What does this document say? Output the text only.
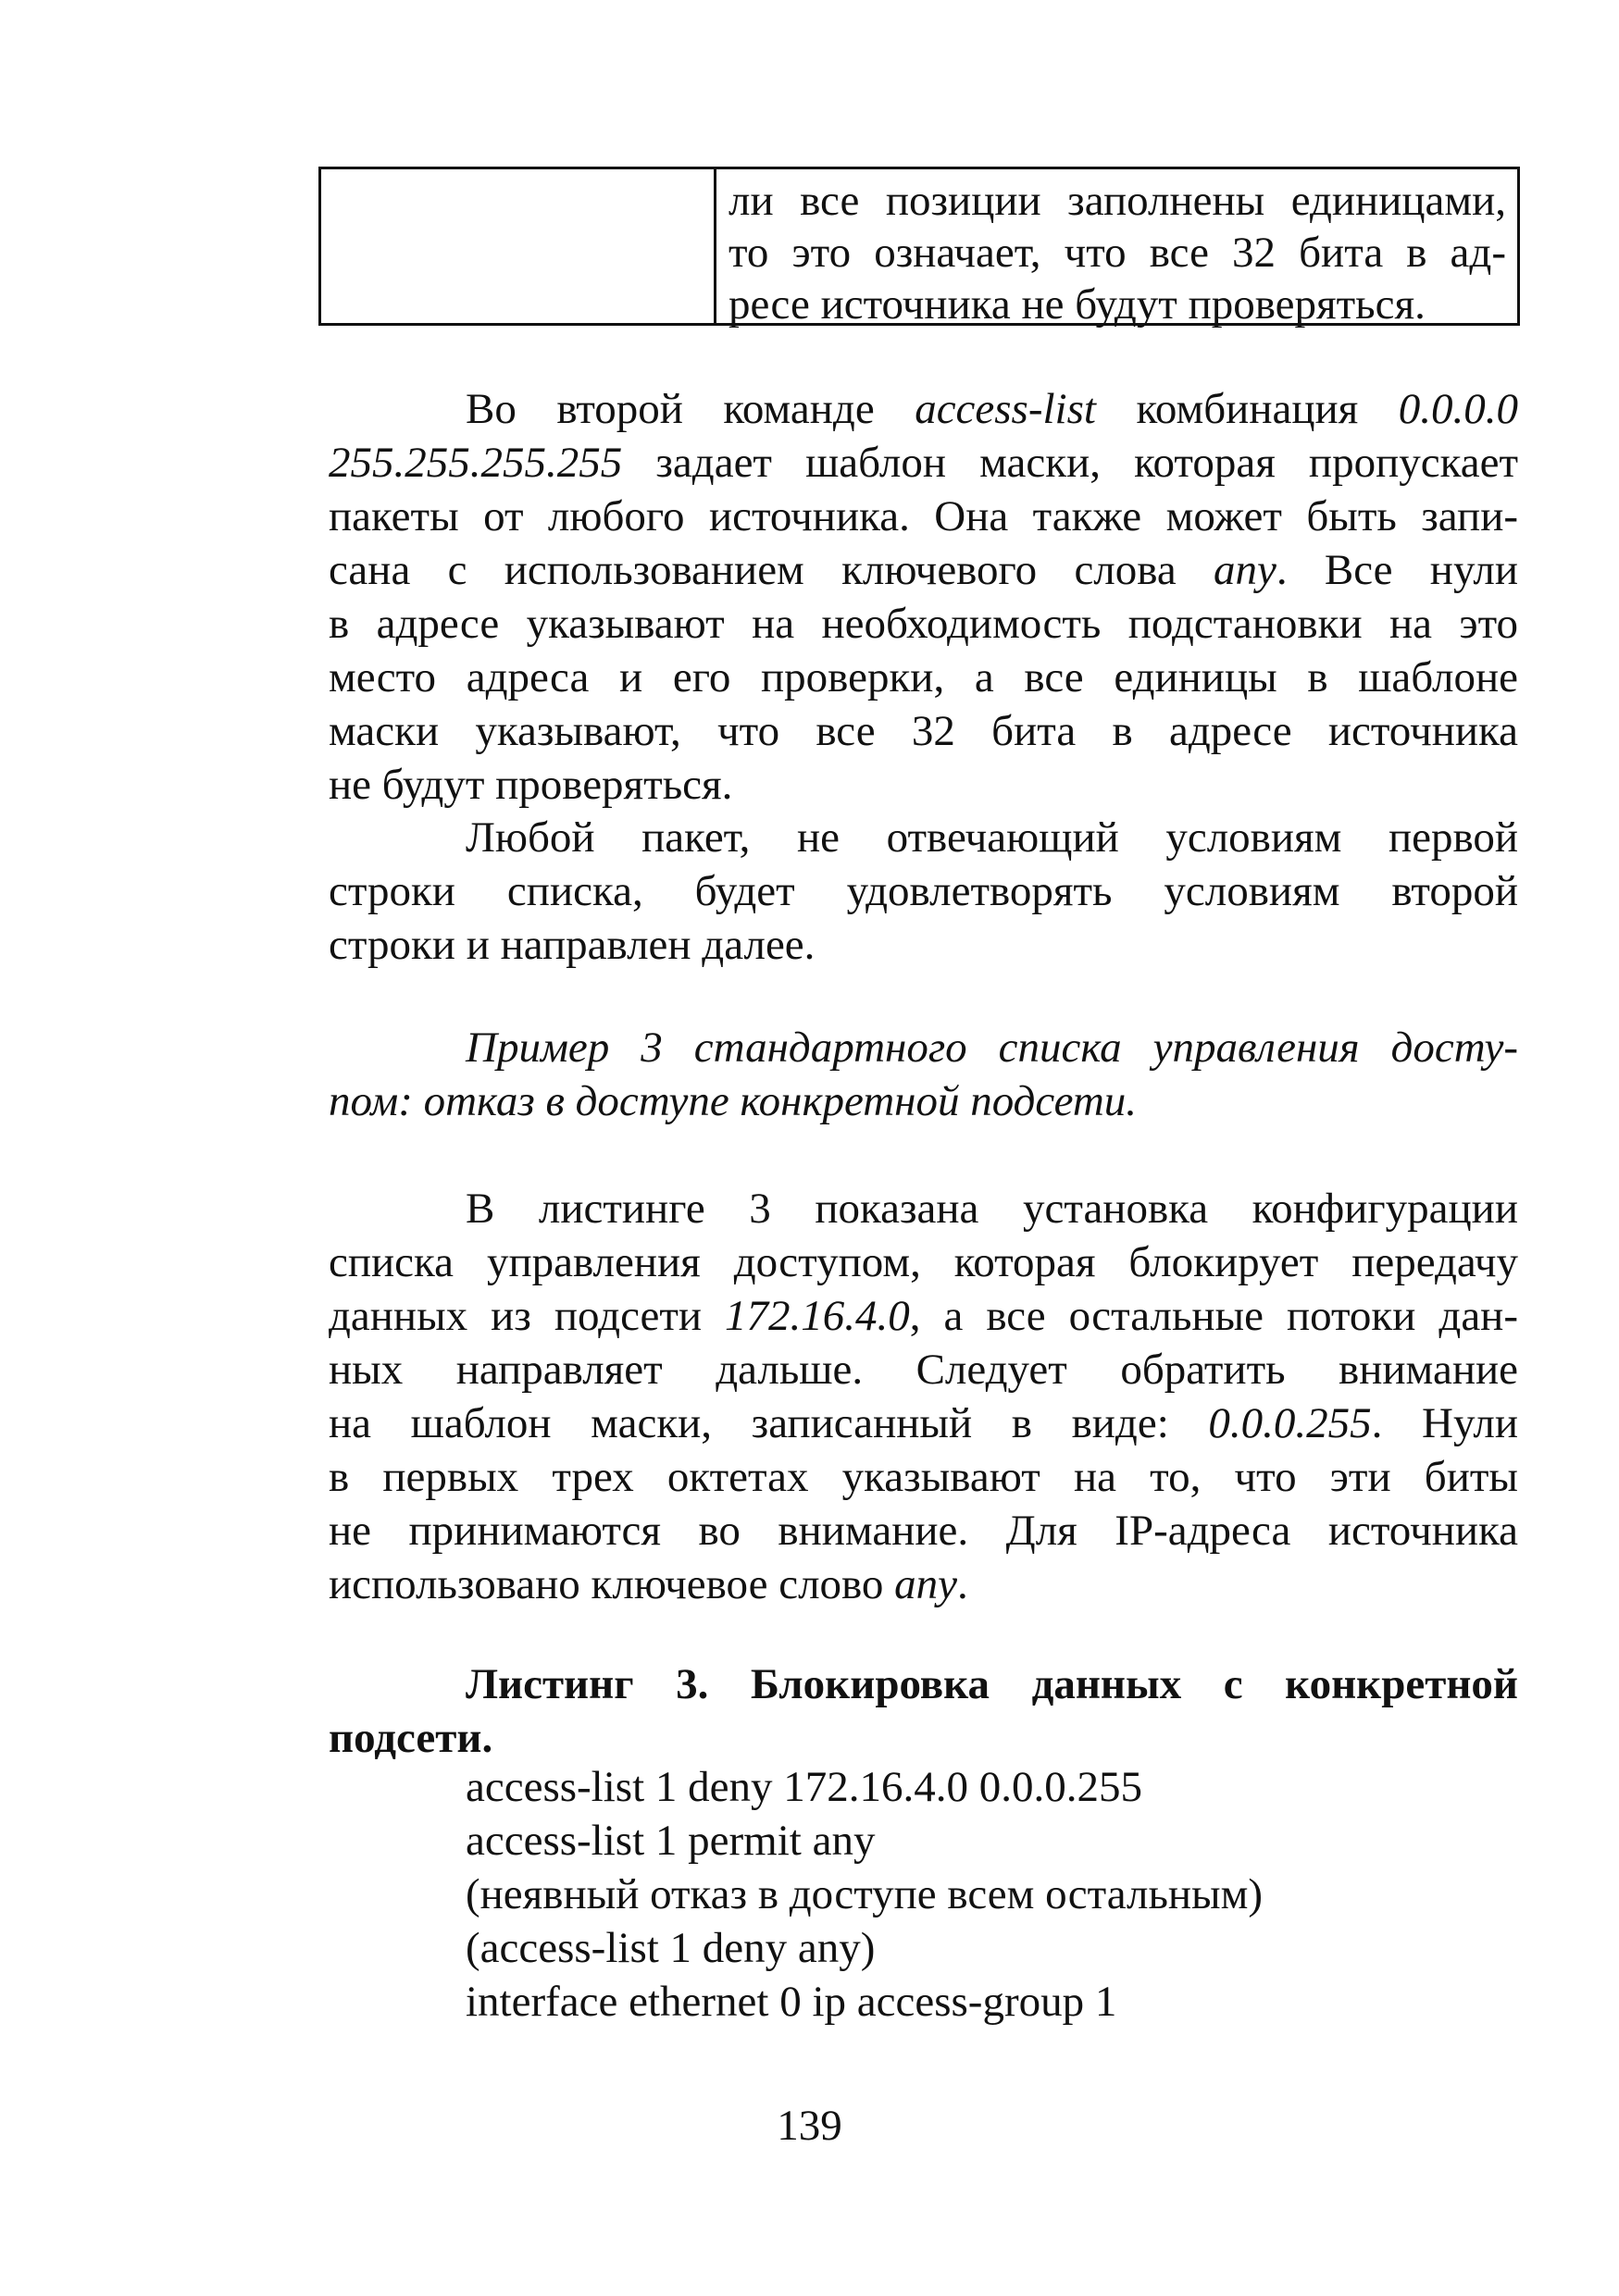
ли все позиции заполнены единицами,
то это означает, что все 32 бита в ад-
ресе источника не будут проверяться.
Во второй команде access-list комбинация 0.0.0.0
255.255.255.255 задает шаблон маски, которая пропускает
пакеты от любого источника. Она также может быть запи-
сана с использованием ключевого слова any. Все нули
в адресе указывают на необходимость подстановки на это
место адреса и его проверки, а все единицы в шаблоне
маски указывают, что все 32 бита в адресе источника
не будут проверяться.
Любой пакет, не отвечающий условиям первой
строки списка, будет удовлетворять условиям второй
строки и направлен далее.
Пример 3 стандартного списка управления досту-
пом: отказ в доступе конкретной подсети.
В листинге 3 показана установка конфигурации
списка управления доступом, которая блокирует передачу
данных из подсети 172.16.4.0, а все остальные потоки дан-
ных направляет дальше. Следует обратить внимание
на шаблон маски, записанный в виде: 0.0.0.255. Нули
в первых трех октетах указывают на то, что эти биты
не принимаются во внимание. Для IP-адреса источника
использовано ключевое слово any.
Листинг 3. Блокировка данных с конкретной
подсети.
access-list 1 deny 172.16.4.0 0.0.0.255
access-list 1 permit any
(неявный отказ в доступе всем остальным)
(access-list 1 deny any)
interface ethernet 0 ip access-group 1
139
